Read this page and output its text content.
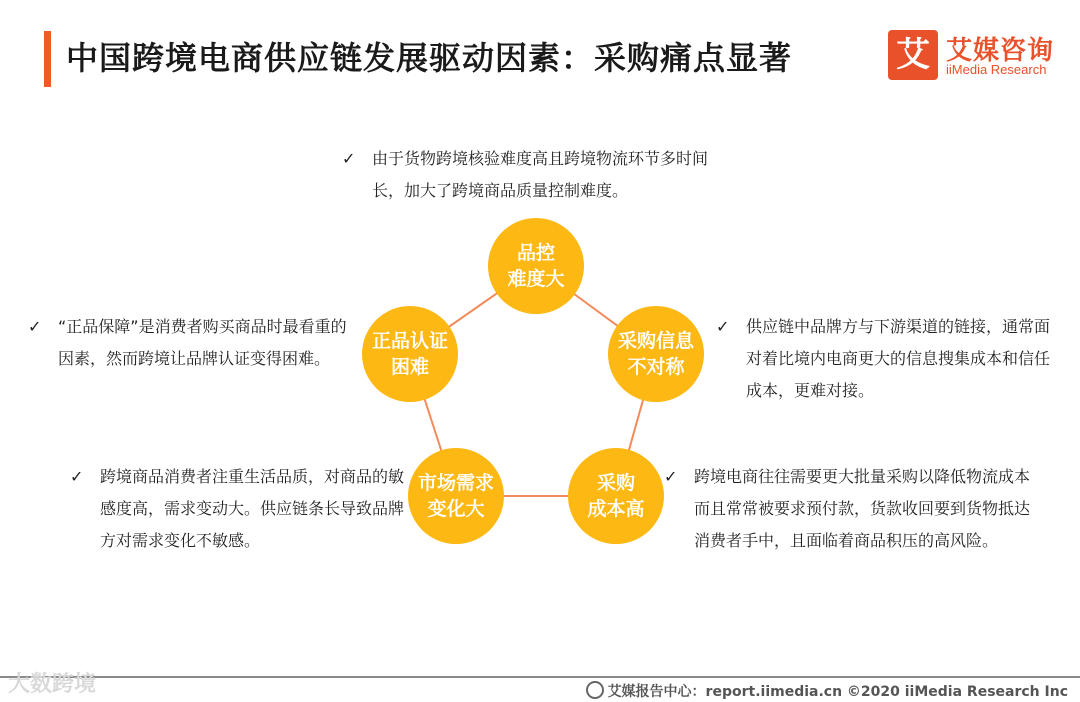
中国跨境电商供应链发展驱动因素：采购痛点显著	艾 艾媒咨询
iiMedia Research
品控
难度大
采购信息
不对称
采购
成本高
市场需求
变化大
正品认证
困难
✓	由于货物跨境核验难度高且跨境物流环节多时间长，加大了跨境商品质量控制难度。
✓	供应链中品牌方与下游渠道的链接，通常面对着比境内电商更大的信息搜集成本和信任成本，更难对接。
✓	跨境电商往往需要更大批量采购以降低物流成本而且常常被要求预付款，货款收回要到货物抵达消费者手中，且面临着商品积压的高风险。
✓	跨境商品消费者注重生活品质，对商品的敏感度高，需求变动大。供应链条长导致品牌方对需求变化不敏感。
✓	“正品保障”是消费者购买商品时最看重的因素，然而跨境让品牌认证变得困难。
大数跨境	艾媒报告中心：report.iimedia.cn ©2020 iiMedia Research Inc
